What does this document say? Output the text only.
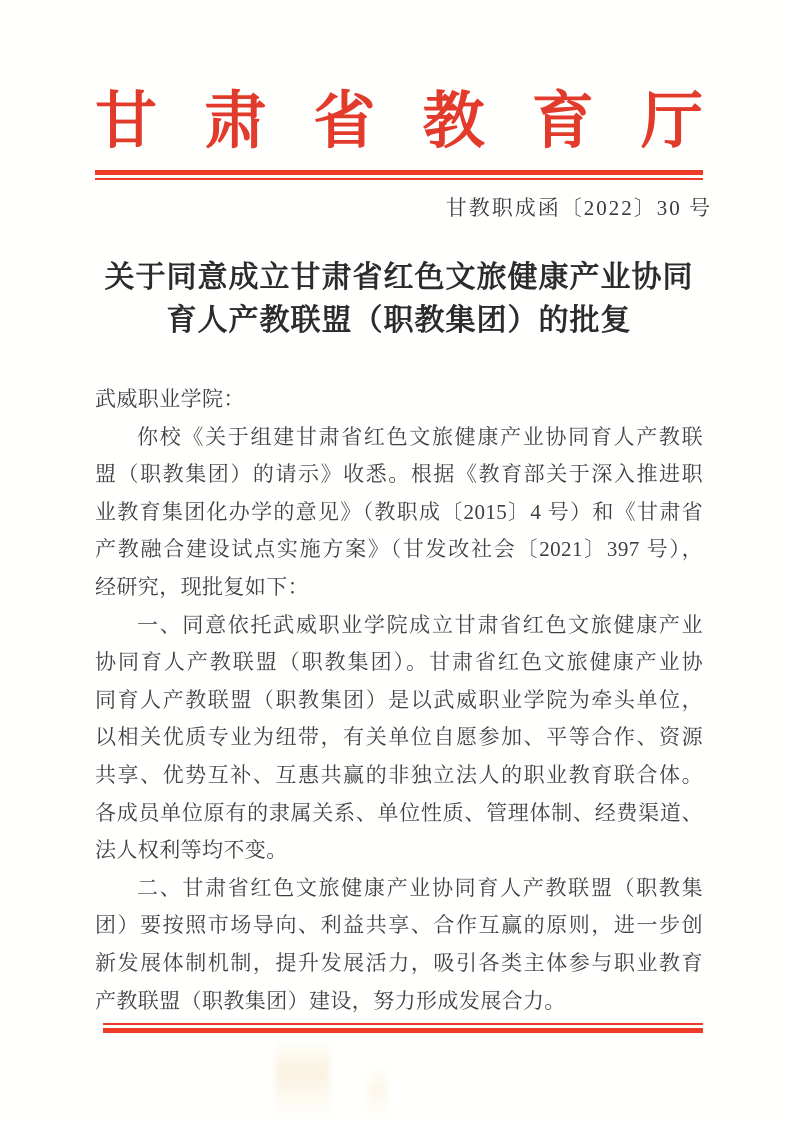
甘肃省教育厅
甘教职成函〔2022〕30 号
关于同意成立甘肃省红色文旅健康产业协同
育人产教联盟（职教集团）的批复
武威职业学院：
你校《关于组建甘肃省红色文旅健康产业协同育人产教联
盟（职教集团）的请示》收悉。根据《教育部关于深入推进职
业教育集团化办学的意见》（教职成〔2015〕4 号）和《甘肃省
产教融合建设试点实施方案》（甘发改社会〔2021〕397 号），
经研究，现批复如下：
一、同意依托武威职业学院成立甘肃省红色文旅健康产业
协同育人产教联盟（职教集团）。甘肃省红色文旅健康产业协
同育人产教联盟（职教集团）是以武威职业学院为牵头单位，
以相关优质专业为纽带，有关单位自愿参加、平等合作、资源
共享、优势互补、互惠共赢的非独立法人的职业教育联合体。
各成员单位原有的隶属关系、单位性质、管理体制、经费渠道、
法人权利等均不变。
二、甘肃省红色文旅健康产业协同育人产教联盟（职教集
团）要按照市场导向、利益共享、合作互赢的原则，进一步创
新发展体制机制，提升发展活力，吸引各类主体参与职业教育
产教联盟（职教集团）建设，努力形成发展合力。
